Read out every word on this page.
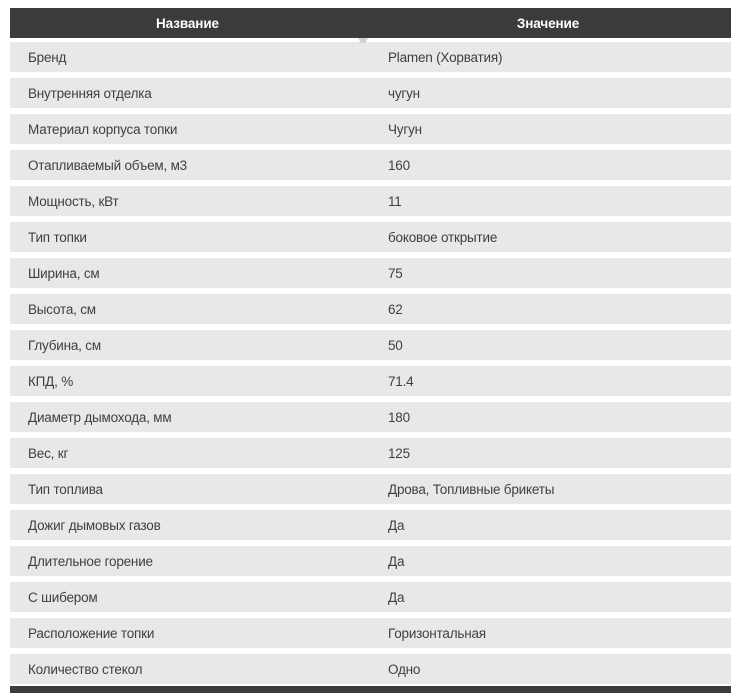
Название	Значение
Бренд	Plamen (Хорватия)
Внутренняя отделка	чугун
Материал корпуса топки	Чугун
Отапливаемый объем, м3	160
Мощность, кВт	11
Тип топки	боковое открытие
Ширина, см	75
Высота, см	62
Глубина, см	50
КПД, %	71.4
Диаметр дымохода, мм	180
Вес, кг	125
Тип топлива	Дрова, Топливные брикеты
Дожиг дымовых газов	Да
Длительное горение	Да
С шибером	Да
Расположение топки	Горизонтальная
Количество стекол	Одно
